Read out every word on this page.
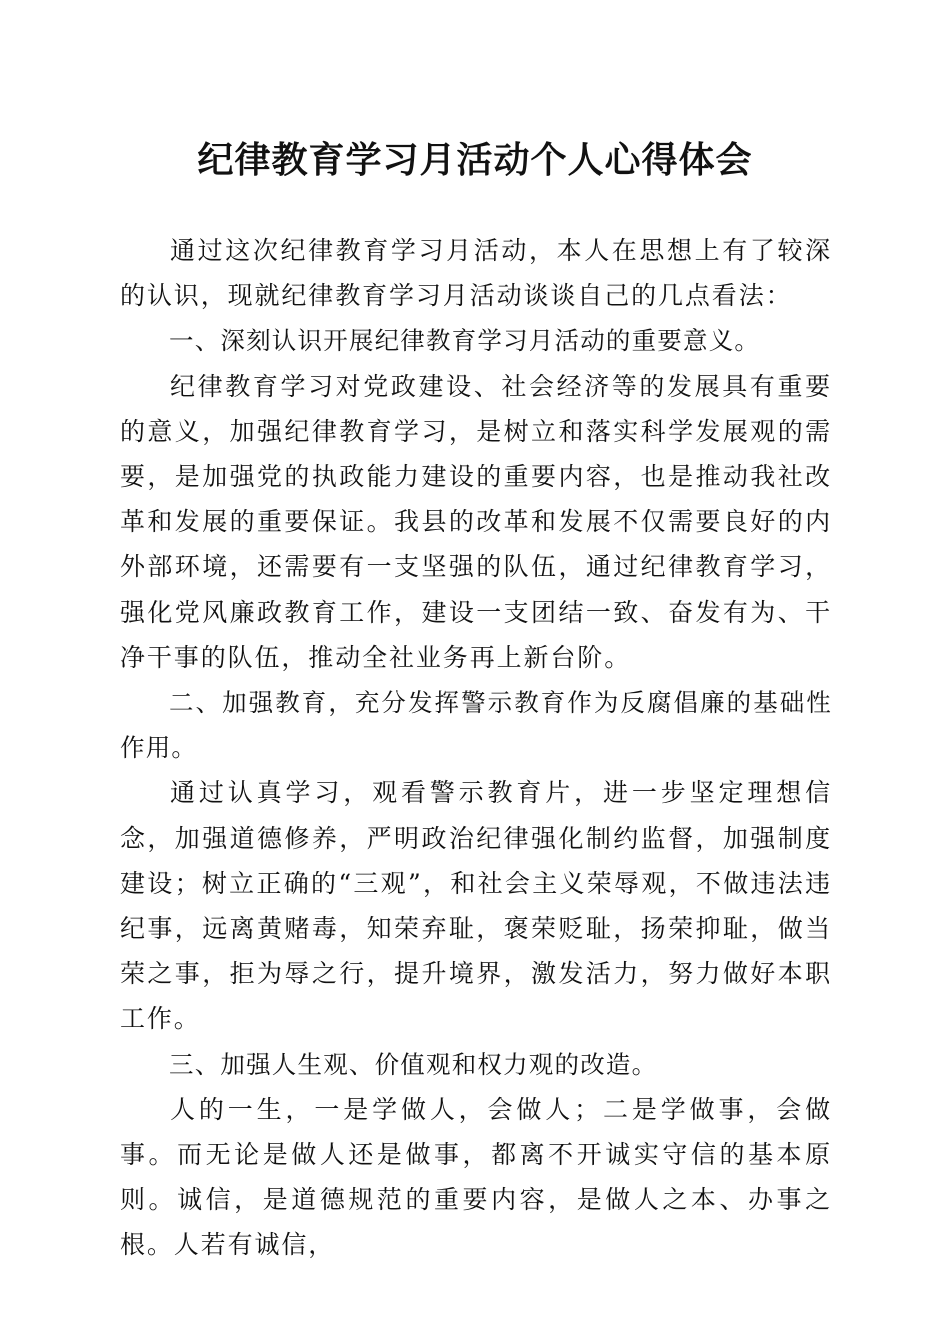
纪律教育学习月活动个人心得体会

通过这次纪律教育学习月活动，本人在思想上有了较深的认识，现就纪律教育学习月活动谈谈自己的几点看法：

一、深刻认识开展纪律教育学习月活动的重要意义。

纪律教育学习对党政建设、社会经济等的发展具有重要的意义，加强纪律教育学习，是树立和落实科学发展观的需要，是加强党的执政能力建设的重要内容，也是推动我社改革和发展的重要保证。我县的改革和发展不仅需要良好的内外部环境，还需要有一支坚强的队伍，通过纪律教育学习，强化党风廉政教育工作，建设一支团结一致、奋发有为、干净干事的队伍，推动全社业务再上新台阶。

二、加强教育，充分发挥警示教育作为反腐倡廉的基础性作用。

通过认真学习，观看警示教育片，进一步坚定理想信念，加强道德修养，严明政治纪律强化制约监督，加强制度建设；树立正确的“三观”，和社会主义荣辱观，不做违法违纪事，远离黄赌毒，知荣弃耻，褒荣贬耻，扬荣抑耻，做当荣之事，拒为辱之行，提升境界，激发活力，努力做好本职工作。

三、加强人生观、价值观和权力观的改造。

人的一生，一是学做人，会做人；二是学做事，会做事。而无论是做人还是做事，都离不开诚实守信的基本原则。诚信，是道德规范的重要内容，是做人之本、办事之根。人若有诚信，
